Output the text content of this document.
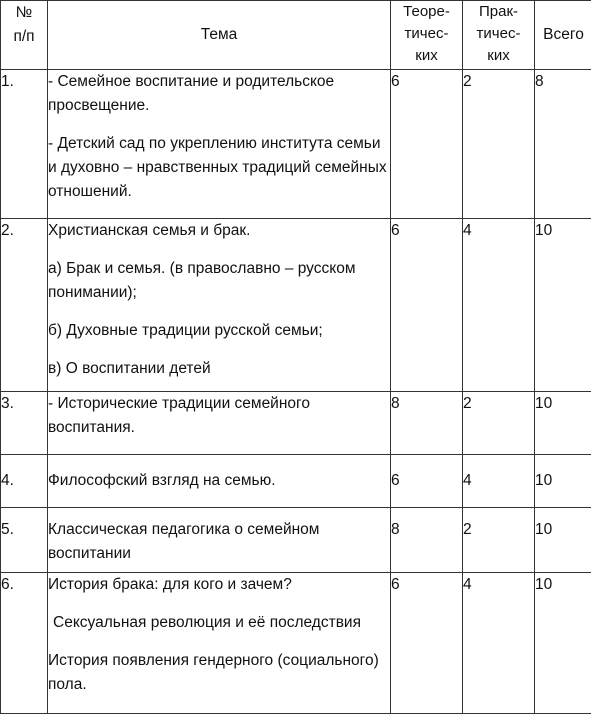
№
п/п	Тема	Теоре-
тичес-
ких	Прак-
тичес-
ких	Всего
1.	- Семейное воспитание и родительское просвещение.
- Детский сад по укреплению института семьи и духовно – нравственных традиций семейных отношений.	6	2	8
2.	Христианская семья и брак.
а) Брак и семья. (в православно – русском понимании);
б) Духовные традиции русской семьи;
в) О воспитании детей	6	4	10
3.	- Исторические традиции семейного воспитания.	8	2	10
4.	Философский взгляд на семью.	6	4	10
5.	Классическая педагогика о семейном воспитании	8	2	10
6.	История брака: для кого и зачем?
Сексуальная революция и её последствия
История появления гендерного (социального) пола.	6	4	10
